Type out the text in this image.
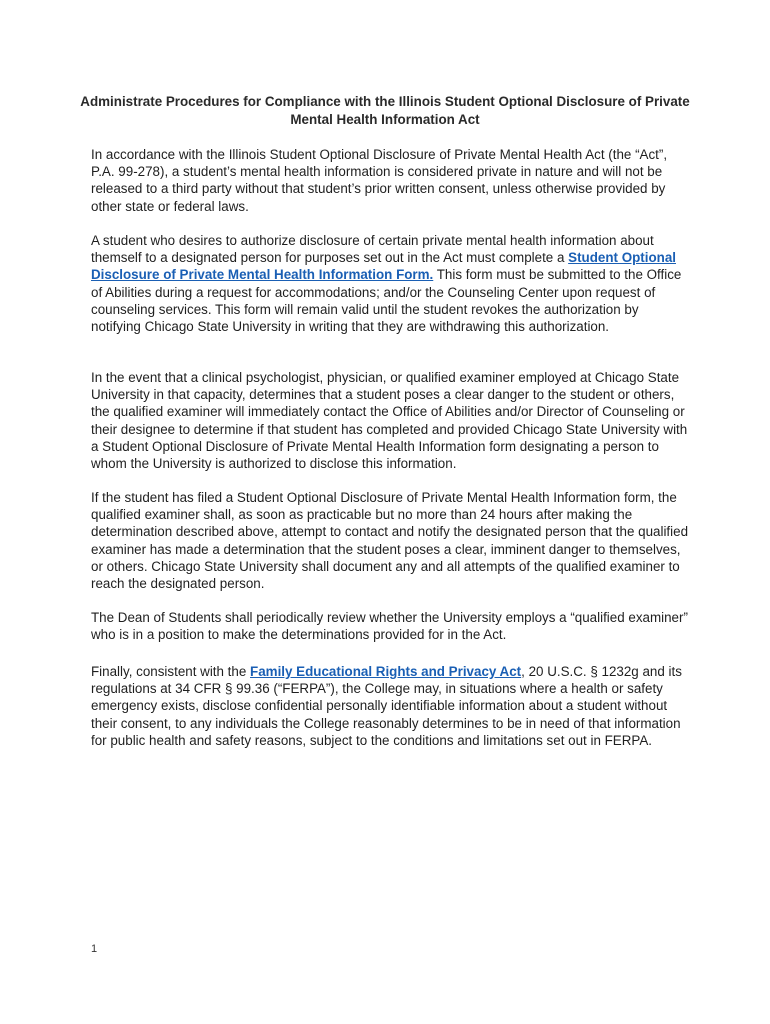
Administrate Procedures for Compliance with the Illinois Student Optional Disclosure of Private Mental Health Information Act

In accordance with the Illinois Student Optional Disclosure of Private Mental Health Act (the “Act”, P.A. 99-278), a student’s mental health information is considered private in nature and will not be released to a third party without that student’s prior written consent, unless otherwise provided by other state or federal laws.

A student who desires to authorize disclosure of certain private mental health information about themself to a designated person for purposes set out in the Act must complete a Student Optional Disclosure of Private Mental Health Information Form. This form must be submitted to the Office of Abilities during a request for accommodations; and/or the Counseling Center upon request of counseling services. This form will remain valid until the student revokes the authorization by notifying Chicago State University in writing that they are withdrawing this authorization.

In the event that a clinical psychologist, physician, or qualified examiner employed at Chicago State University in that capacity, determines that a student poses a clear danger to the student or others, the qualified examiner will immediately contact the Office of Abilities and/or Director of Counseling or their designee to determine if that student has completed and provided Chicago State University with a Student Optional Disclosure of Private Mental Health Information form designating a person to whom the University is authorized to disclose this information.

If the student has filed a Student Optional Disclosure of Private Mental Health Information form, the qualified examiner shall, as soon as practicable but no more than 24 hours after making the determination described above, attempt to contact and notify the designated person that the qualified examiner has made a determination that the student poses a clear, imminent danger to themselves, or others. Chicago State University shall document any and all attempts of the qualified examiner to reach the designated person.

The Dean of Students shall periodically review whether the University employs a “qualified examiner” who is in a position to make the determinations provided for in the Act.

Finally, consistent with the Family Educational Rights and Privacy Act, 20 U.S.C. § 1232g and its regulations at 34 CFR § 99.36 (“FERPA”), the College may, in situations where a health or safety emergency exists, disclose confidential personally identifiable information about a student without their consent, to any individuals the College reasonably determines to be in need of that information for public health and safety reasons, subject to the conditions and limitations set out in FERPA.

1
